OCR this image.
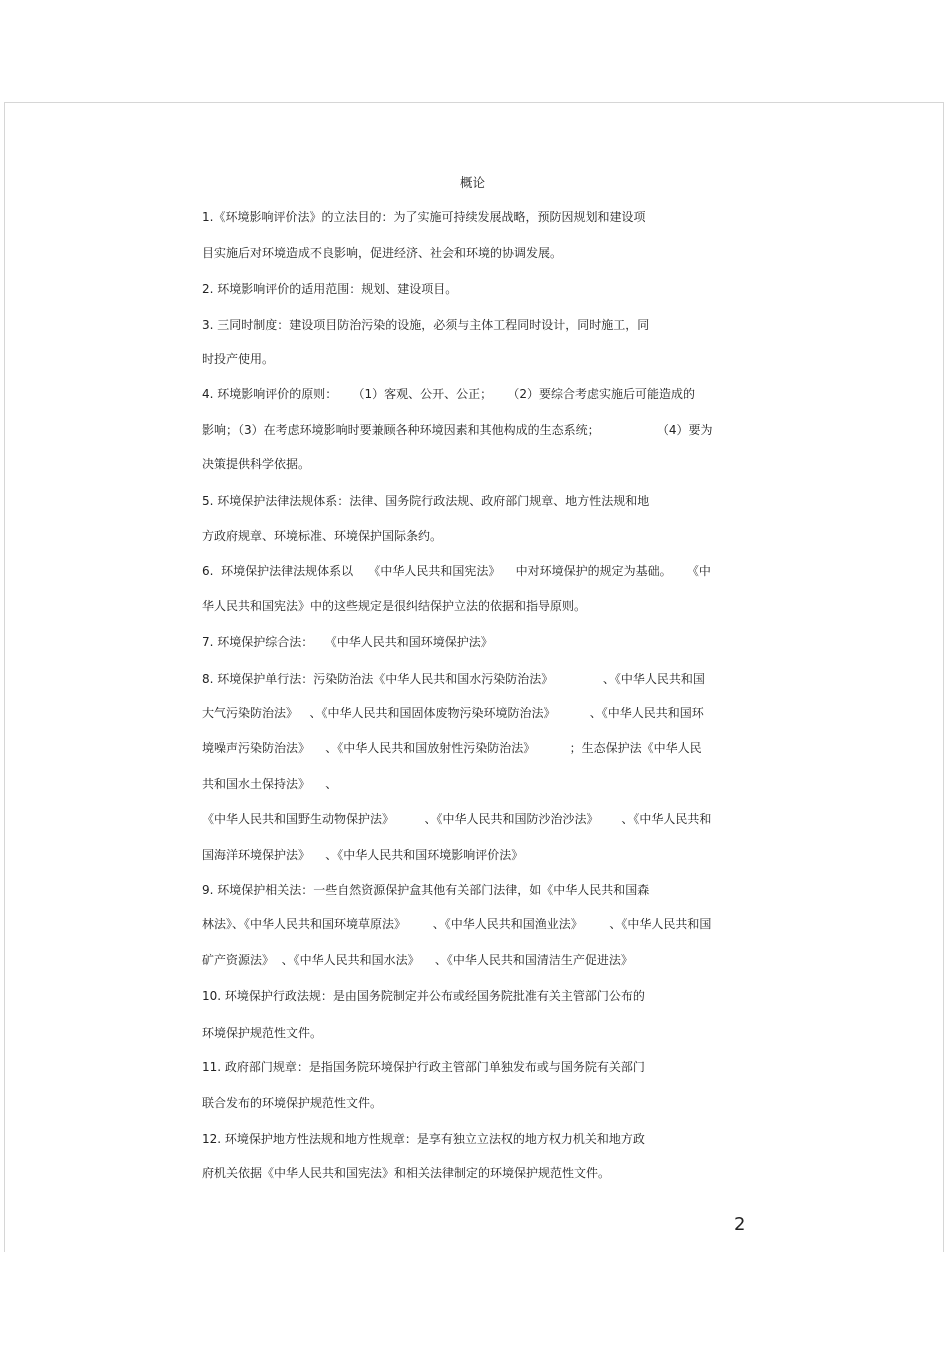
概论
1.《环境影响评价法》的立法目的：为了实施可持续发展战略，预防因规划和建设项
目实施后对环境造成不良影响，促进经济、社会和环境的协调发展。
2. 环境影响评价的适用范围：规划、建设项目。
3. 三同时制度：建设项目防治污染的设施，必须与主体工程同时设计，同时施工，同
时投产使用。
4. 环境影响评价的原则：    （1）客观、公开、公正；    （2）要综合考虑实施后可能造成的
影响；（3）在考虑环境影响时要兼顾各种环境因素和其他构成的生态系统；               （4）要为
决策提供科学依据。
5. 环境保护法律法规体系：法律、国务院行政法规、政府部门规章、地方性法规和地
方政府规章、环境标准、环境保护国际条约。
6.  环境保护法律法规体系以    《中华人民共和国宪法》    中对环境保护的规定为基础。    《中
华人民共和国宪法》中的这些规定是很纠结保护立法的依据和指导原则。
7. 环境保护综合法：   《中华人民共和国环境保护法》
8. 环境保护单行法：污染防治法《中华人民共和国水污染防治法》             、《中华人民共和国
大气污染防治法》   、《中华人民共和国固体废物污染环境防治法》         、《中华人民共和国环
境噪声污染防治法》    、《中华人民共和国放射性污染防治法》         ；生态保护法《中华人民
共和国水土保持法》    、
《中华人民共和国野生动物保护法》        、《中华人民共和国防沙治沙法》      、《中华人民共和
国海洋环境保护法》    、《中华人民共和国环境影响评价法》
9. 环境保护相关法：一些自然资源保护盒其他有关部门法律，如《中华人民共和国森
林法》、《中华人民共和国环境草原法》       、《中华人民共和国渔业法》       、《中华人民共和国
矿产资源法》  、《中华人民共和国水法》    、《中华人民共和国清洁生产促进法》
10. 环境保护行政法规：是由国务院制定并公布或经国务院批准有关主管部门公布的
环境保护规范性文件。
11. 政府部门规章：是指国务院环境保护行政主管部门单独发布或与国务院有关部门
联合发布的环境保护规范性文件。
12. 环境保护地方性法规和地方性规章：是享有独立立法权的地方权力机关和地方政
府机关依据《中华人民共和国宪法》和相关法律制定的环境保护规范性文件。
2
